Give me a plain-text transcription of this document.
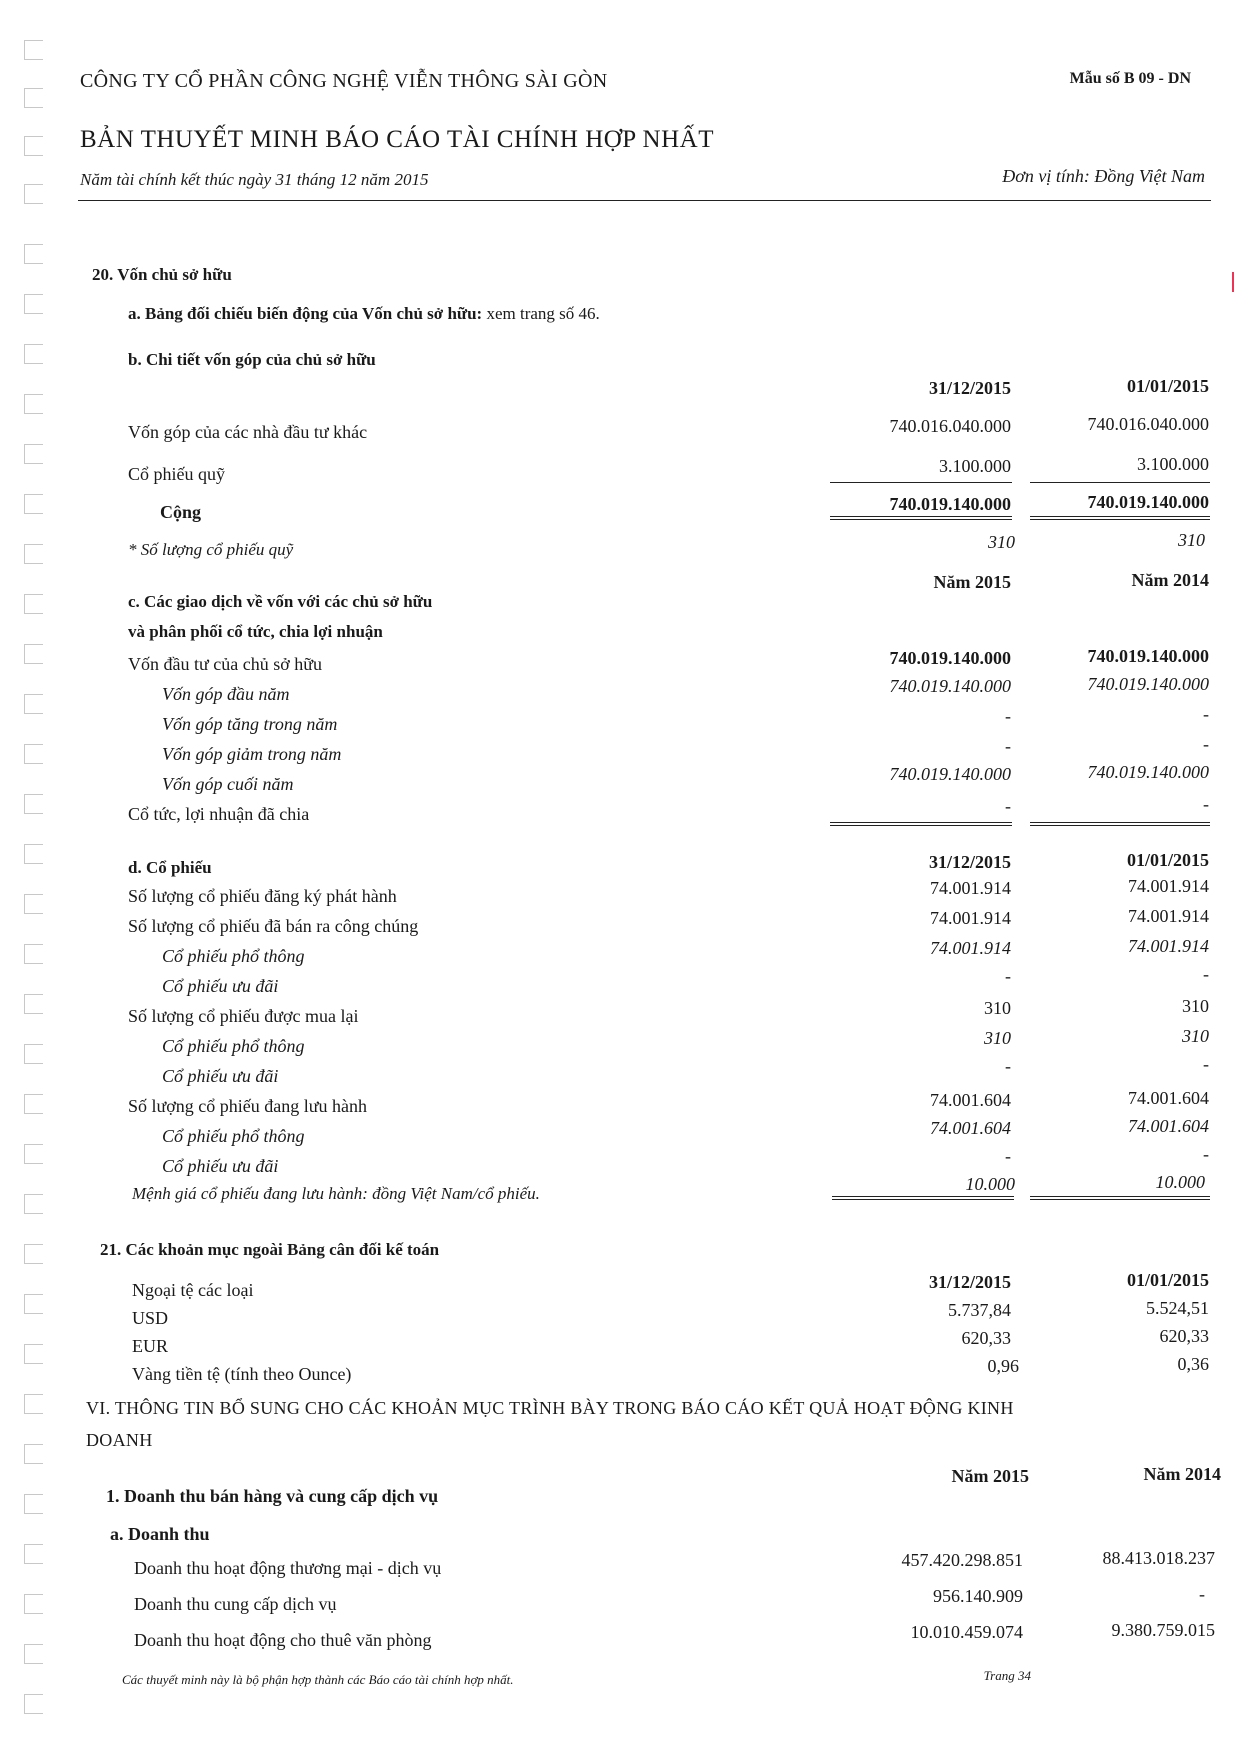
CÔNG TY CỔ PHẦN CÔNG NGHỆ VIỄN THÔNG SÀI GÒN	Mẫu số B 09 - DN
BẢN THUYẾT MINH BÁO CÁO TÀI CHÍNH HỢP NHẤT
Năm tài chính kết thúc ngày 31 tháng 12 năm 2015	Đơn vị tính: Đồng Việt Nam
20. Vốn chủ sở hữu
a. Bảng đối chiếu biến động của Vốn chủ sở hữu: xem trang số 46.
b. Chi tiết vốn góp của chủ sở hữu
31/12/2015	01/01/2015
Vốn góp của các nhà đầu tư khác	740.016.040.000	740.016.040.000
Cổ phiếu quỹ	3.100.000	3.100.000
Cộng	740.019.140.000	740.019.140.000
* Số lượng cổ phiếu quỹ	310	310
Năm 2015	Năm 2014
c. Các giao dịch về vốn với các chủ sở hữu
và phân phối cổ tức, chia lợi nhuận
Vốn đầu tư của chủ sở hữu	740.019.140.000	740.019.140.000
Vốn góp đầu năm	740.019.140.000	740.019.140.000
Vốn góp tăng trong năm	-	-
Vốn góp giảm trong năm	-	-
Vốn góp cuối năm	740.019.140.000	740.019.140.000
Cổ tức, lợi nhuận đã chia	-	-
d. Cổ phiếu	31/12/2015	01/01/2015
Số lượng cổ phiếu đăng ký phát hành	74.001.914	74.001.914
Số lượng cổ phiếu đã bán ra công chúng	74.001.914	74.001.914
Cổ phiếu phổ thông	74.001.914	74.001.914
Cổ phiếu ưu đãi	-	-
Số lượng cổ phiếu được mua lại	310	310
Cổ phiếu phổ thông	310	310
Cổ phiếu ưu đãi	-	-
Số lượng cổ phiếu đang lưu hành	74.001.604	74.001.604
Cổ phiếu phổ thông	74.001.604	74.001.604
Cổ phiếu ưu đãi	-	-
Mệnh giá cổ phiếu đang lưu hành: đồng Việt Nam/cổ phiếu.	10.000	10.000
21. Các khoản mục ngoài Bảng cân đối kế toán
31/12/2015	01/01/2015
Ngoại tệ các loại
USD	5.737,84	5.524,51
EUR	620,33	620,33
Vàng tiền tệ (tính theo Ounce)	0,96	0,36
VI. THÔNG TIN BỔ SUNG CHO CÁC KHOẢN MỤC TRÌNH BÀY TRONG BÁO CÁO KẾT QUẢ HOẠT ĐỘNG KINH
DOANH
Năm 2015	Năm 2014
1. Doanh thu bán hàng và cung cấp dịch vụ
a. Doanh thu
Doanh thu hoạt động thương mại - dịch vụ	457.420.298.851	88.413.018.237
Doanh thu cung cấp dịch vụ	956.140.909	-
Doanh thu hoạt động cho thuê văn phòng	10.010.459.074	9.380.759.015
Các thuyết minh này là bộ phận hợp thành các Báo cáo tài chính hợp nhất.	Trang 34
